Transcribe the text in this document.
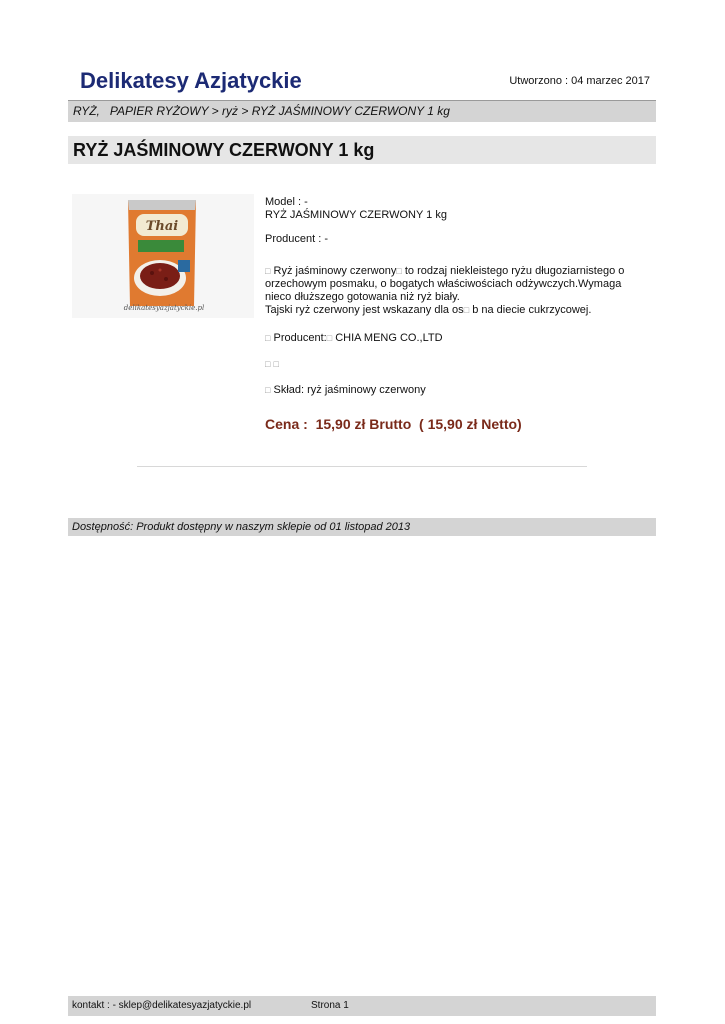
Delikatesy Azjatyckie	Utworzono : 04 marzec 2017
RYŻ,   PAPIER RYŻOWY > ryż > RYŻ JAŚMINOWY CZERWONY 1 kg
RYŻ JAŚMINOWY CZERWONY 1 kg
Thai
delikatesyazjatyckie.pl

Model : -

RYŻ JAŚMINOWY CZERWONY 1 kg

Producent : -

□ Ryż jaśminowy czerwony□ to rodzaj niekleistego ryżu długoziarnistego o orzechowym posmaku, o bogatych właściwościach odżywczych.Wymaga nieco dłuższego gotowania niż ryż biały.
Tajski ryż czerwony jest wskazany dla os□ b na diecie cukrzycowej.

□ Producent:□ CHIA MENG CO.,LTD

□ □

□ Skład: ryż jaśminowy czerwony

Cena :  15,90 zł Brutto  ( 15,90 zł Netto)
Dostępność: Produkt dostępny w naszym sklepie od 01 listopad 2013
kontakt : - sklep@delikatesyazjatyckie.pl	Strona 1
